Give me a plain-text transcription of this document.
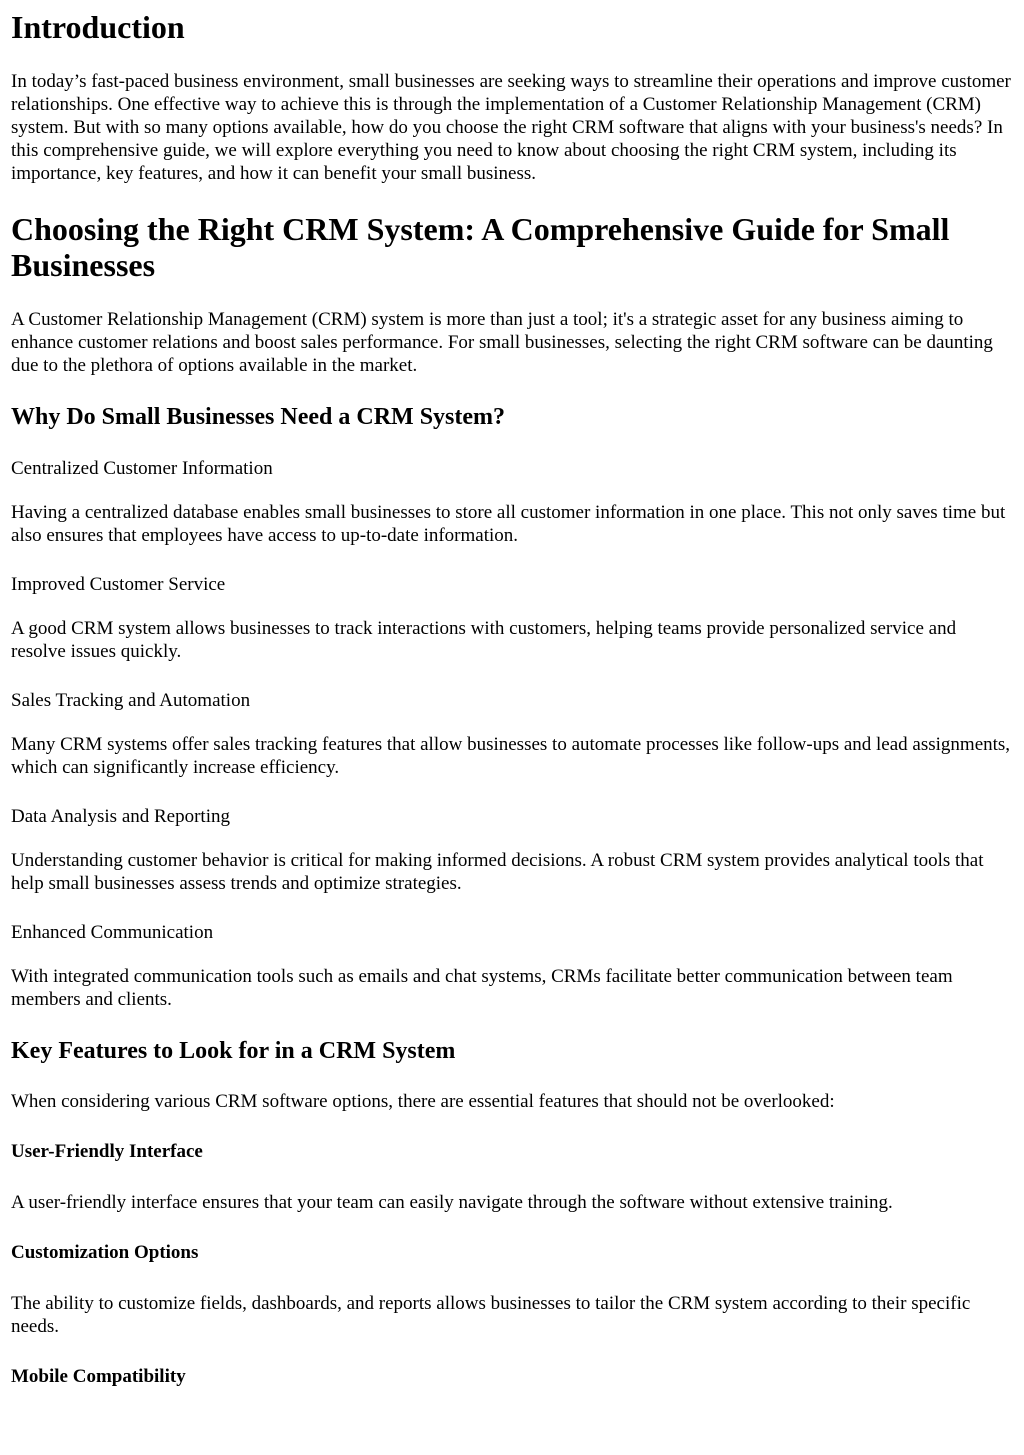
Introduction

In today’s fast-paced business environment, small businesses are seeking ways to streamline their operations and improve customer relationships. One effective way to achieve this is through the implementation of a Customer Relationship Management (CRM) system. But with so many options available, how do you choose the right CRM software that aligns with your business's needs? In this comprehensive guide, we will explore everything you need to know about choosing the right CRM system, including its importance, key features, and how it can benefit your small business.

Choosing the Right CRM System: A Comprehensive Guide for Small Businesses

A Customer Relationship Management (CRM) system is more than just a tool; it's a strategic asset for any business aiming to enhance customer relations and boost sales performance. For small businesses, selecting the right CRM software can be daunting due to the plethora of options available in the market.

Why Do Small Businesses Need a CRM System?

Centralized Customer Information

Having a centralized database enables small businesses to store all customer information in one place. This not only saves time but also ensures that employees have access to up-to-date information.

Improved Customer Service

A good CRM system allows businesses to track interactions with customers, helping teams provide personalized service and resolve issues quickly.

Sales Tracking and Automation

Many CRM systems offer sales tracking features that allow businesses to automate processes like follow-ups and lead assignments, which can significantly increase efficiency.

Data Analysis and Reporting

Understanding customer behavior is critical for making informed decisions. A robust CRM system provides analytical tools that help small businesses assess trends and optimize strategies.

Enhanced Communication

With integrated communication tools such as emails and chat systems, CRMs facilitate better communication between team members and clients.

Key Features to Look for in a CRM System

When considering various CRM software options, there are essential features that should not be overlooked:

User-Friendly Interface

A user-friendly interface ensures that your team can easily navigate through the software without extensive training.

Customization Options

The ability to customize fields, dashboards, and reports allows businesses to tailor the CRM system according to their specific needs.

Mobile Compatibility
